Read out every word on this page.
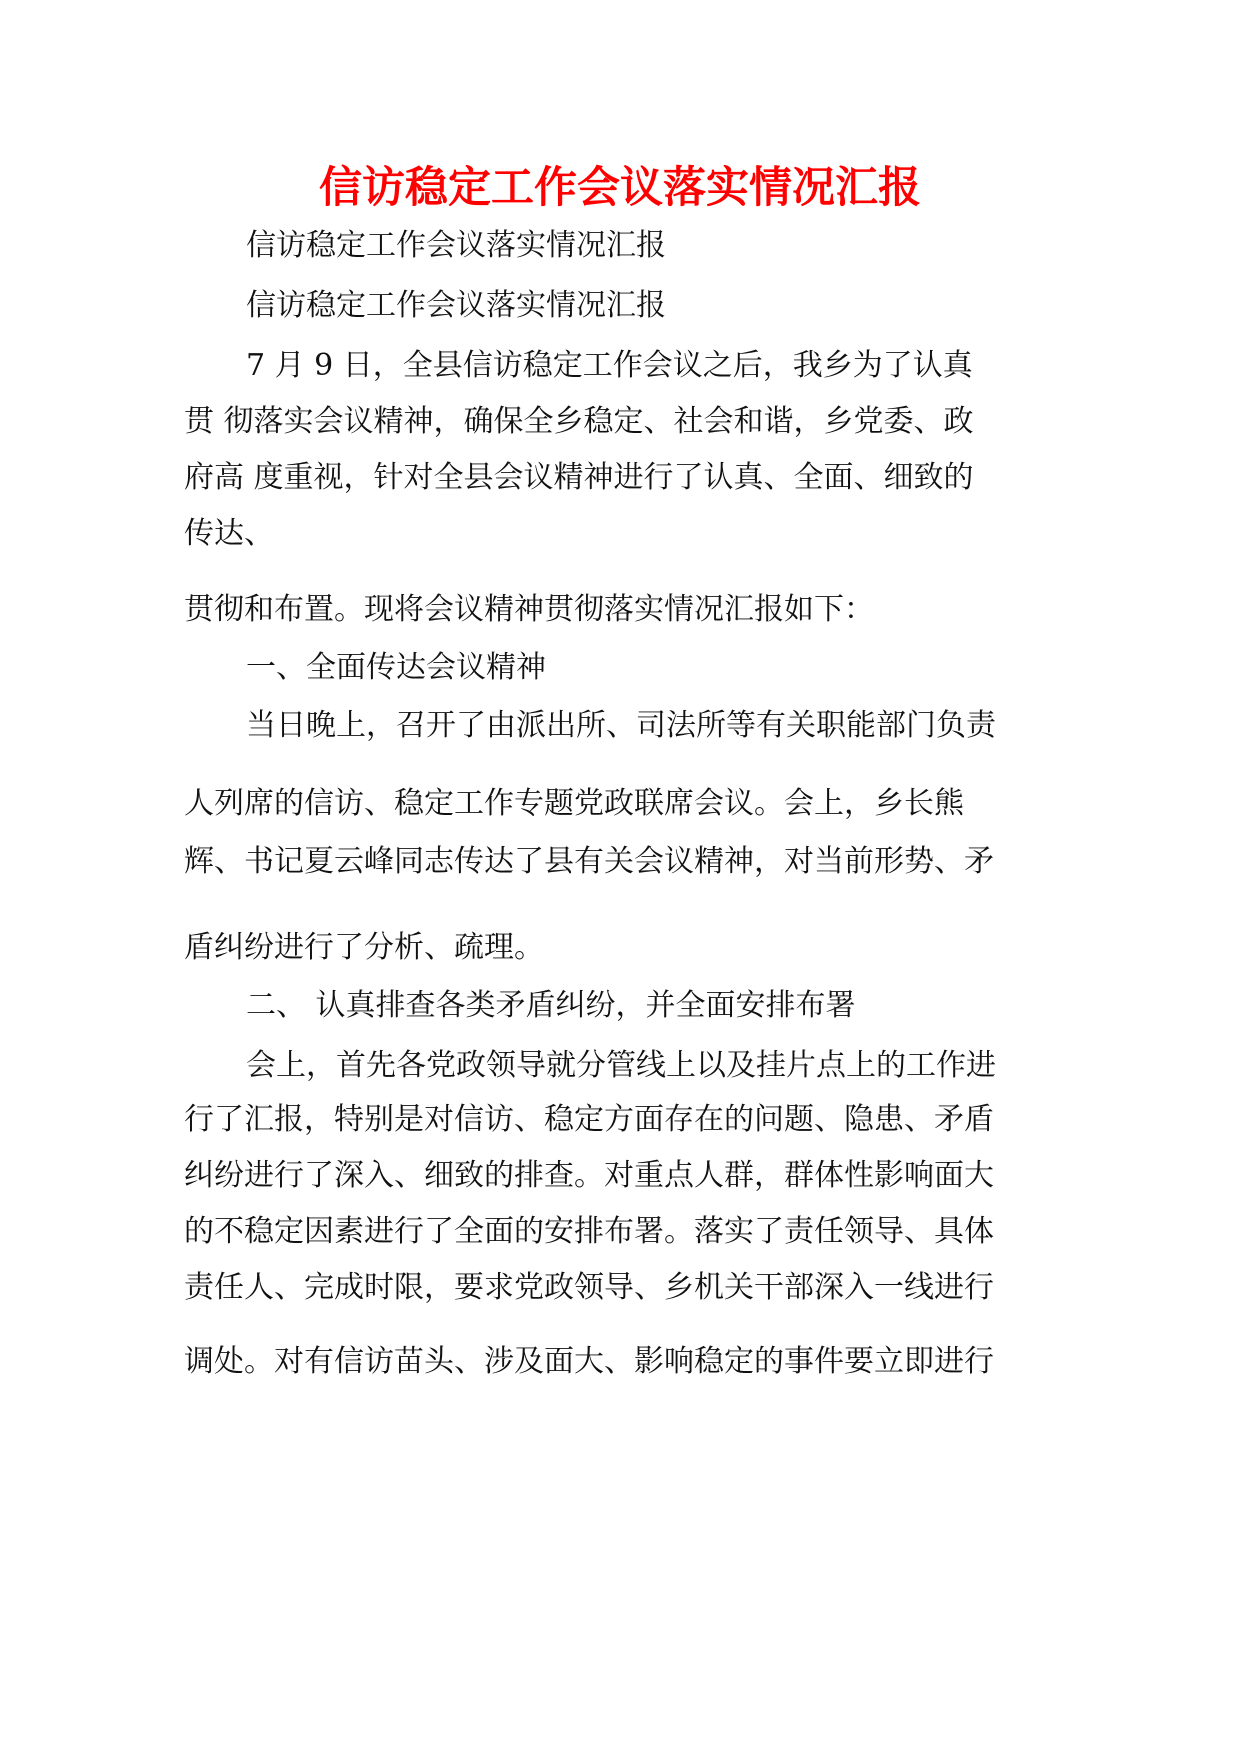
信访稳定工作会议落实情况汇报
信访稳定工作会议落实情况汇报
信访稳定工作会议落实情况汇报
7 月 9 日，全县信访稳定工作会议之后，我乡为了认真
贯 彻落实会议精神，确保全乡稳定、社会和谐，乡党委、政
府高 度重视，针对全县会议精神进行了认真、全面、细致的
传达、
贯彻和布置。现将会议精神贯彻落实情况汇报如下：
一、全面传达会议精神
当日晚上，召开了由派出所、司法所等有关职能部门负责
人列席的信访、稳定工作专题党政联席会议。会上，乡长熊
辉、书记夏云峰同志传达了县有关会议精神，对当前形势、矛
盾纠纷进行了分析、疏理。
二、 认真排查各类矛盾纠纷，并全面安排布署
会上，首先各党政领导就分管线上以及挂片点上的工作进
行了汇报，特别是对信访、稳定方面存在的问题、隐患、矛盾
纠纷进行了深入、细致的排查。对重点人群，群体性影响面大
的不稳定因素进行了全面的安排布署。落实了责任领导、具体
责任人、完成时限，要求党政领导、乡机关干部深入一线进行
调处。对有信访苗头、涉及面大、影响稳定的事件要立即进行
